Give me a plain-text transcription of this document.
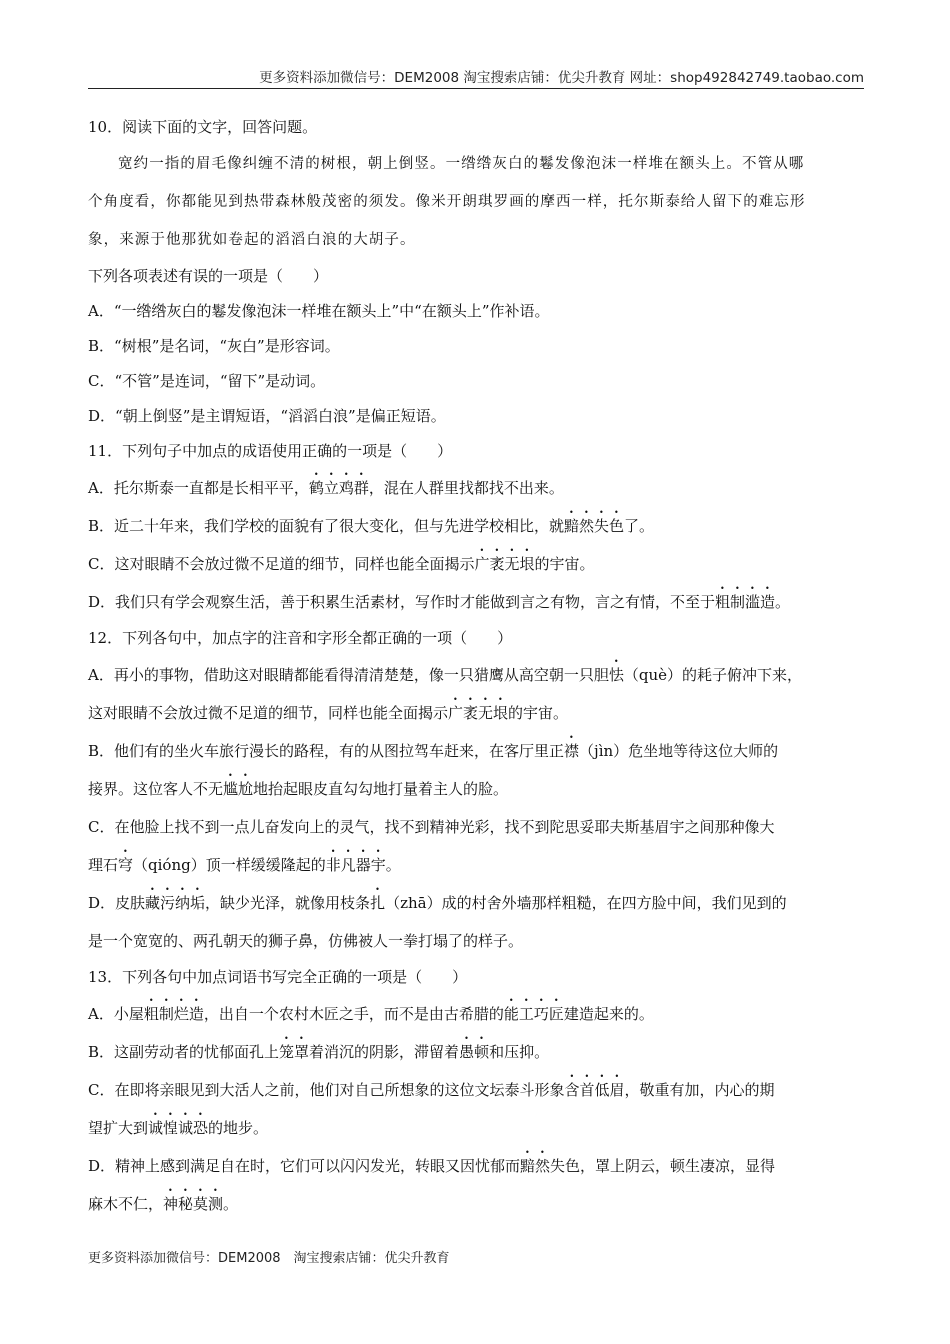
更多资料添加微信号：DEM2008 淘宝搜索店铺：优尖升教育 网址：shop492842749.taobao.com
10．阅读下面的文字，回答问题。
宽约一指的眉毛像纠缠不清的树根，朝上倒竖。一绺绺灰白的鬈发像泡沫一样堆在额头上。不管从哪
个角度看，你都能见到热带森林般茂密的须发。像米开朗琪罗画的摩西一样，托尔斯泰给人留下的难忘形
象，来源于他那犹如卷起的滔滔白浪的大胡子。
下列各项表述有误的一项是（　　）
A．“一绺绺灰白的鬈发像泡沫一样堆在额头上”中“在额头上”作补语。
B．“树根”是名词，“灰白”是形容词。
C．“不管”是连词，“留下”是动词。
D．“朝上倒竖”是主谓短语，“滔滔白浪”是偏正短语。
11．下列句子中加点的成语使用正确的一项是（　　）
A．托尔斯泰一直都是长相平平，鹤立鸡群，混在人群里找都找不出来。
B．近二十年来，我们学校的面貌有了很大变化，但与先进学校相比，就黯然失色了。
C．这对眼睛不会放过微不足道的细节，同样也能全面揭示广袤无垠的宇宙。
D．我们只有学会观察生活，善于积累生活素材，写作时才能做到言之有物，言之有情，不至于粗制滥造。
12．下列各句中，加点字的注音和字形全都正确的一项（　　）
A．再小的事物，借助这对眼睛都能看得清清楚楚，像一只猎鹰从高空朝一只胆怯（què）的耗子俯冲下来，
这对眼睛不会放过微不足道的细节，同样也能全面揭示广袤无垠的宇宙。
B．他们有的坐火车旅行漫长的路程，有的从图拉驾车赶来，在客厅里正襟（jìn）危坐地等待这位大师的
接界。这位客人不无尴尬地抬起眼皮直勾勾地打量着主人的脸。
C．在他脸上找不到一点儿奋发向上的灵气，找不到精神光彩，找不到陀思妥耶夫斯基眉宇之间那种像大
理石穹（qióng）顶一样缓缓隆起的非凡器宇。
D．皮肤藏污纳垢，缺少光泽，就像用枝条扎（zhā）成的村舍外墙那样粗糙，在四方脸中间，我们见到的
是一个宽宽的、两孔朝天的狮子鼻，仿佛被人一拳打塌了的样子。
13．下列各句中加点词语书写完全正确的一项是（　　）
A．小屋粗制烂造，出自一个农村木匠之手，而不是由古希腊的能工巧匠建造起来的。
B．这副劳动者的忧郁面孔上笼罩着消沉的阴影，滞留着愚顿和压抑。
C．在即将亲眼见到大活人之前，他们对自己所想象的这位文坛泰斗形象含首低眉，敬重有加，内心的期
望扩大到诚惶诚恐的地步。
D．精神上感到满足自在时，它们可以闪闪发光，转眼又因忧郁而黯然失色，罩上阴云，顿生凄凉，显得
麻木不仁，神秘莫测。
更多资料添加微信号：DEM2008　淘宝搜索店铺：优尖升教育
